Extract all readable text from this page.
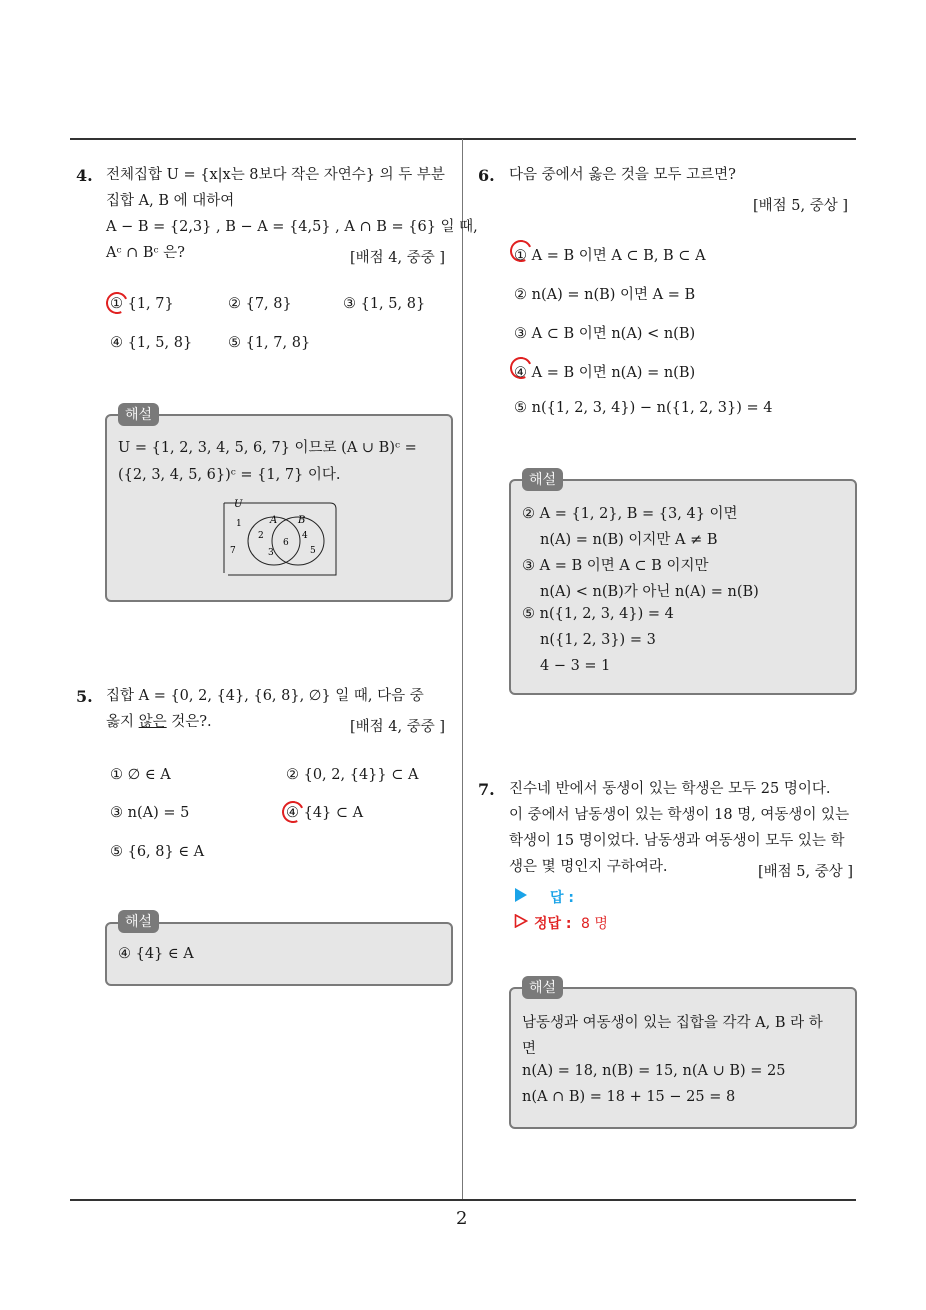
2
4. 전체집합 U = {x|x는 8보다 작은 자연수} 의 두 부분
집합 A, B 에 대하여
A − B = {2,3} , B − A = {4,5} , A ∩ B = {6} 일 때,
Aᶜ ∩ Bᶜ 은?	[배점 4, 중중 ]
① {1, 7}	② {7, 8}	③ {1, 5, 8}
④ {1, 5, 8} ⑤ {1, 7, 8}
해설
U = {1, 2, 3, 4, 5, 6, 7} 이므로 (A ∪ B)ᶜ =
({2, 3, 4, 5, 6})ᶜ = {1, 7} 이다.
U
A B
1
7
2
3
6
4
5
5. 집합 A = {0, 2, {4}, {6, 8}, ∅} 일 때, 다음 중
옳지 않은 것은?.	[배점 4, 중중 ]
① ∅ ∈ A	② {0, 2, {4}} ⊂ A
③ n(A) = 5	④ {4} ⊂ A
⑤ {6, 8} ∈ A
해설
④ {4} ∈ A
6. 다음 중에서 옳은 것을 모두 고르면?
[배점 5, 중상 ]
① A = B 이면 A ⊂ B, B ⊂ A
② n(A) = n(B) 이면 A = B
③ A ⊂ B 이면 n(A) < n(B)
④ A = B 이면 n(A) = n(B)
⑤ n({1, 2, 3, 4}) − n({1, 2, 3}) = 4
해설
② A = {1, 2}, B = {3, 4} 이면
n(A) = n(B) 이지만 A ≠ B
③ A = B 이면 A ⊂ B 이지만
n(A) < n(B)가 아닌 n(A) = n(B)
⑤ n({1, 2, 3, 4}) = 4
n({1, 2, 3}) = 3
4 − 3 = 1
7. 진수네 반에서 동생이 있는 학생은 모두 25 명이다.
이 중에서 남동생이 있는 학생이 18 명, 여동생이 있는
학생이 15 명이었다. 남동생과 여동생이 모두 있는 학
생은 몇 명인지 구하여라.	[배점 5, 중상 ]
답 :
정답 : 8 명
해설
남동생과 여동생이 있는 집합을 각각 A, B 라 하
면
n(A) = 18, n(B) = 15, n(A ∪ B) = 25
n(A ∩ B) = 18 + 15 − 25 = 8
